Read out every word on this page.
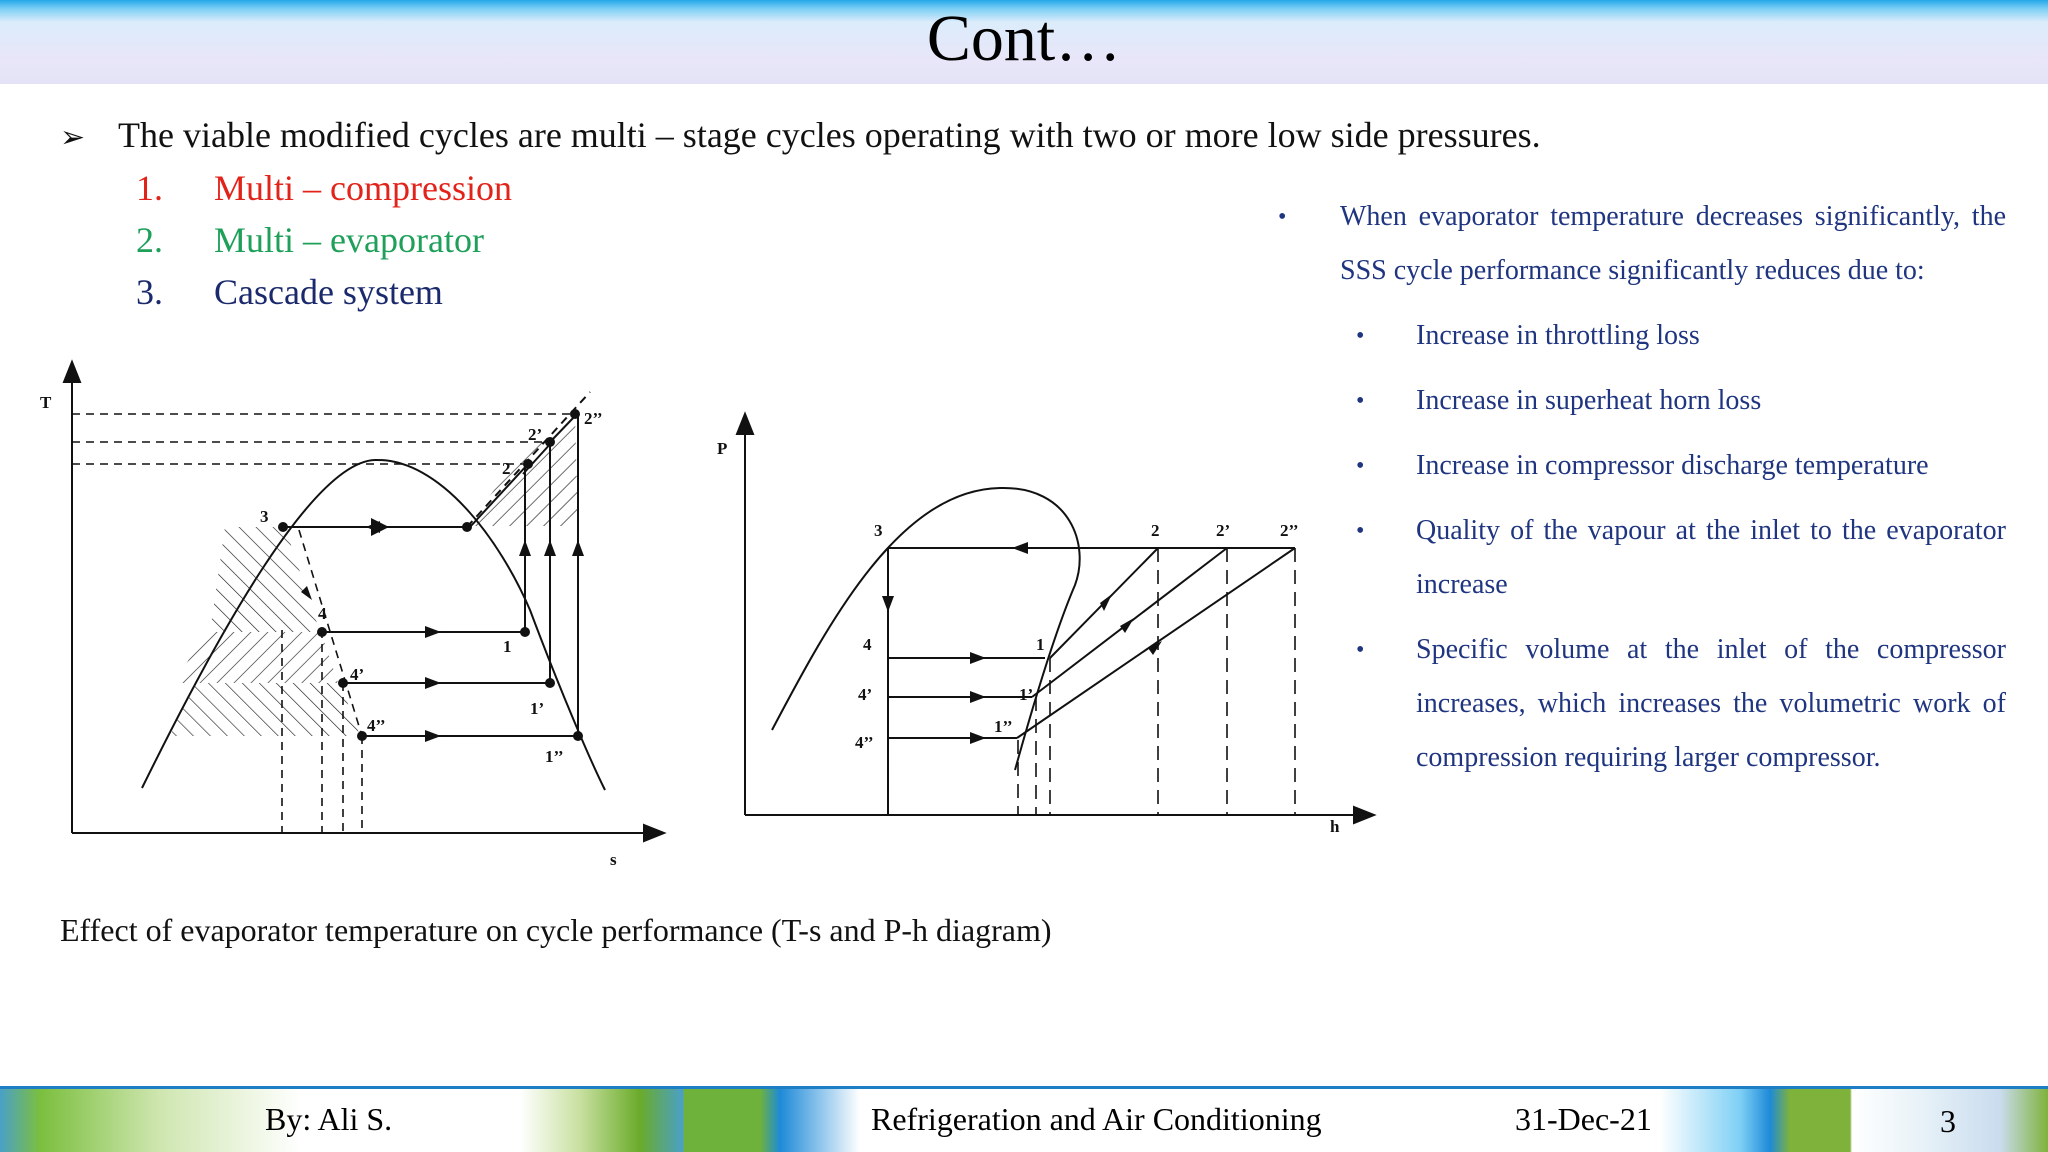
Cont…
➢ The viable modified cycles are multi – stage cycles operating with two or more low side pressures.
1.	Multi – compression
2.	Multi – evaporator
3.	Cascade system
• When evaporator temperature decreases significantly, the SSS cycle performance significantly reduces due to:
• Increase in throttling loss
• Increase in superheat horn loss
• Increase in compressor discharge temperature
• Quality of the vapour at the inlet to the evaporator increase
• Specific volume at the inlet of the compressor increases, which increases the volumetric work of compression requiring larger compressor.
T
s
3
2
2’
2’’
4
4’
4’’
1
1’
1’’
P
h
3	2	2’	2’’
4
4’
4’’
1
1’
1’’
Effect of evaporator temperature on cycle performance (T-s and P-h diagram)
By: Ali S.	Refrigeration and Air Conditioning	31-Dec-21	3
